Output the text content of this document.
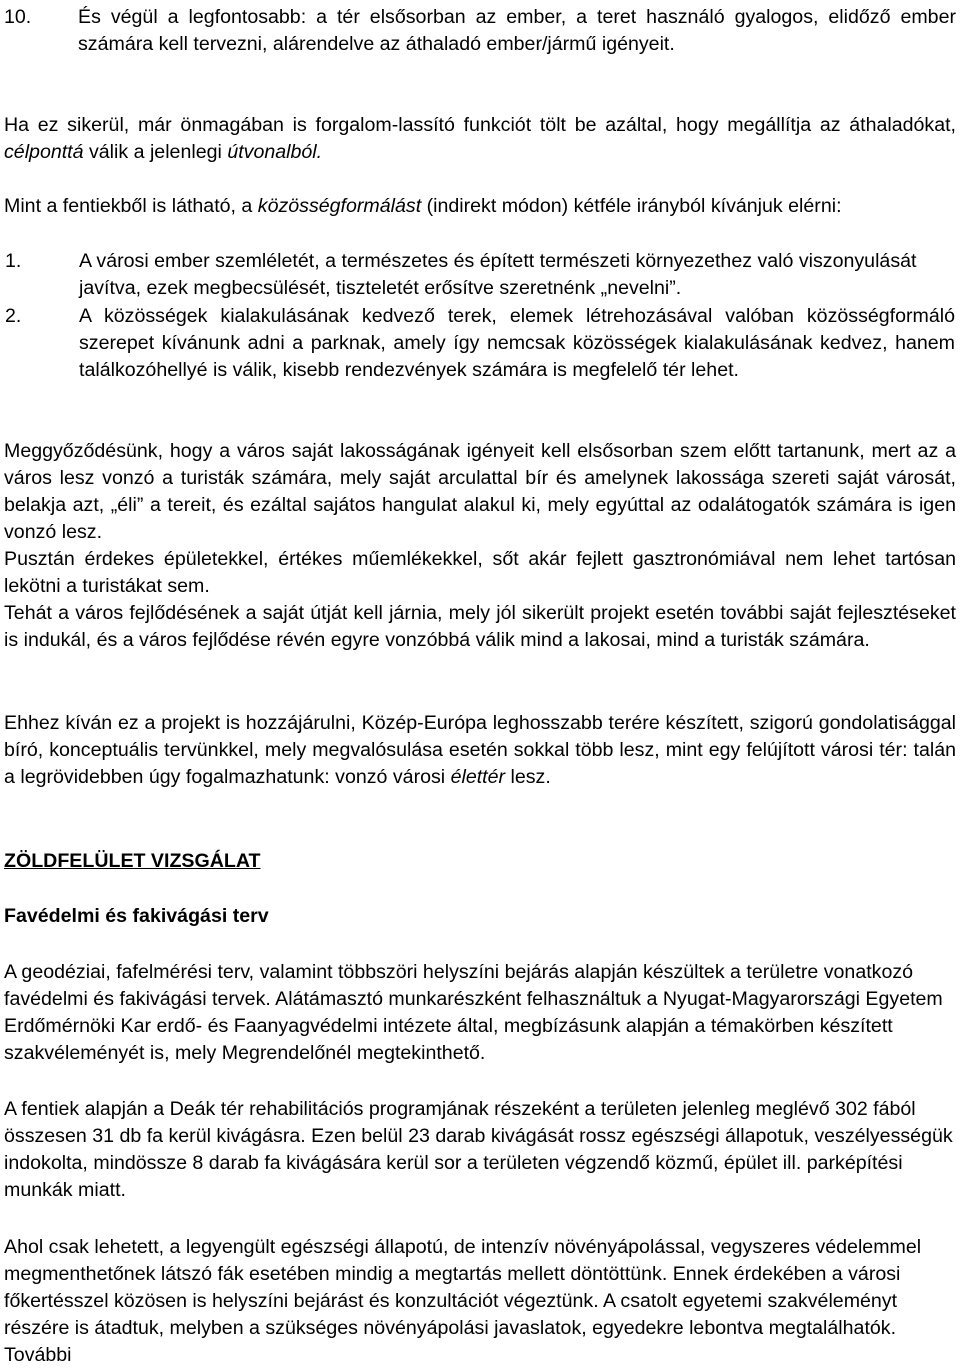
10. És végül a legfontosabb: a tér elsősorban az ember, a teret használó gyalogos, elidőző ember számára kell tervezni, alárendelve az áthaladó ember/jármű igényeit.

Ha ez sikerül, már önmagában is forgalom-lassító funkciót tölt be azáltal, hogy megállítja az áthaladókat, célponttá válik a jelenlegi útvonalból.

Mint a fentiekből is látható, a közösségformálást (indirekt módon) kétféle irányból kívánjuk elérni:

1.	A városi ember szemléletét, a természetes és épített természeti környezethez való viszonyulását javítva, ezek megbecsülését, tiszteletét erősítve szeretnénk „nevelni”.
2.	A közösségek kialakulásának kedvező terek, elemek létrehozásával valóban közösségformáló szerepet kívánunk adni a parknak, amely így nemcsak közösségek kialakulásának kedvez, hanem találkozóhellyé is válik, kisebb rendezvények számára is megfelelő tér lehet.

Meggyőződésünk, hogy a város saját lakosságának igényeit kell elsősorban szem előtt tartanunk, mert az a város lesz vonzó a turisták számára, mely saját arculattal bír és amelynek lakossága szereti saját városát, belakja azt, „éli” a tereit, és ezáltal sajátos hangulat alakul ki, mely egyúttal az odalátogatók számára is igen vonzó lesz.

Pusztán érdekes épületekkel, értékes műemlékekkel, sőt akár fejlett gasztronómiával nem lehet tartósan lekötni a turistákat sem.

Tehát a város fejlődésének a saját útját kell járnia, mely jól sikerült projekt esetén további saját fejlesztéseket is indukál, és a város fejlődése révén egyre vonzóbbá válik mind a lakosai, mind a turisták számára.

Ehhez kíván ez a projekt is hozzájárulni, Közép-Európa leghosszabb terére készített, szigorú gondolatisággal bíró, konceptuális tervünkkel, mely megvalósulása esetén sokkal több lesz, mint egy felújított városi tér: talán a legrövidebben úgy fogalmazhatunk: vonzó városi élettér lesz.

ZÖLDFELÜLET VIZSGÁLAT
Favédelmi és fakivágási terv

A geodéziai, fafelmérési terv, valamint többszöri helyszíni bejárás alapján készültek a területre vonatkozó favédelmi és fakivágási tervek. Alátámasztó munkarészként felhasználtuk a Nyugat-Magyarországi Egyetem Erdőmérnöki Kar erdő- és Faanyagvédelmi intézete által, megbízásunk alapján a témakörben készített szakvéleményét is, mely Megrendelőnél megtekinthető.

A fentiek alapján a Deák tér rehabilitációs programjának részeként a területen jelenleg meglévő 302 fából összesen 31 db fa kerül kivágásra. Ezen belül 23 darab kivágását rossz egészségi állapotuk, veszélyességük indokolta, mindössze 8 darab fa kivágására kerül sor a területen végzendő közmű, épület ill. parképítési munkák miatt.

Ahol csak lehetett, a legyengült egészségi állapotú, de intenzív növényápolással, vegyszeres védelemmel megmenthetőnek látszó fák esetében mindig a megtartás mellett döntöttünk. Ennek érdekében a városi főkertésszel közösen is helyszíni bejárást és konzultációt végeztünk. A csatolt egyetemi szakvéleményt részére is átadtuk, melyben a szükséges növényápolási javaslatok, egyedekre lebontva megtalálhatók. További
